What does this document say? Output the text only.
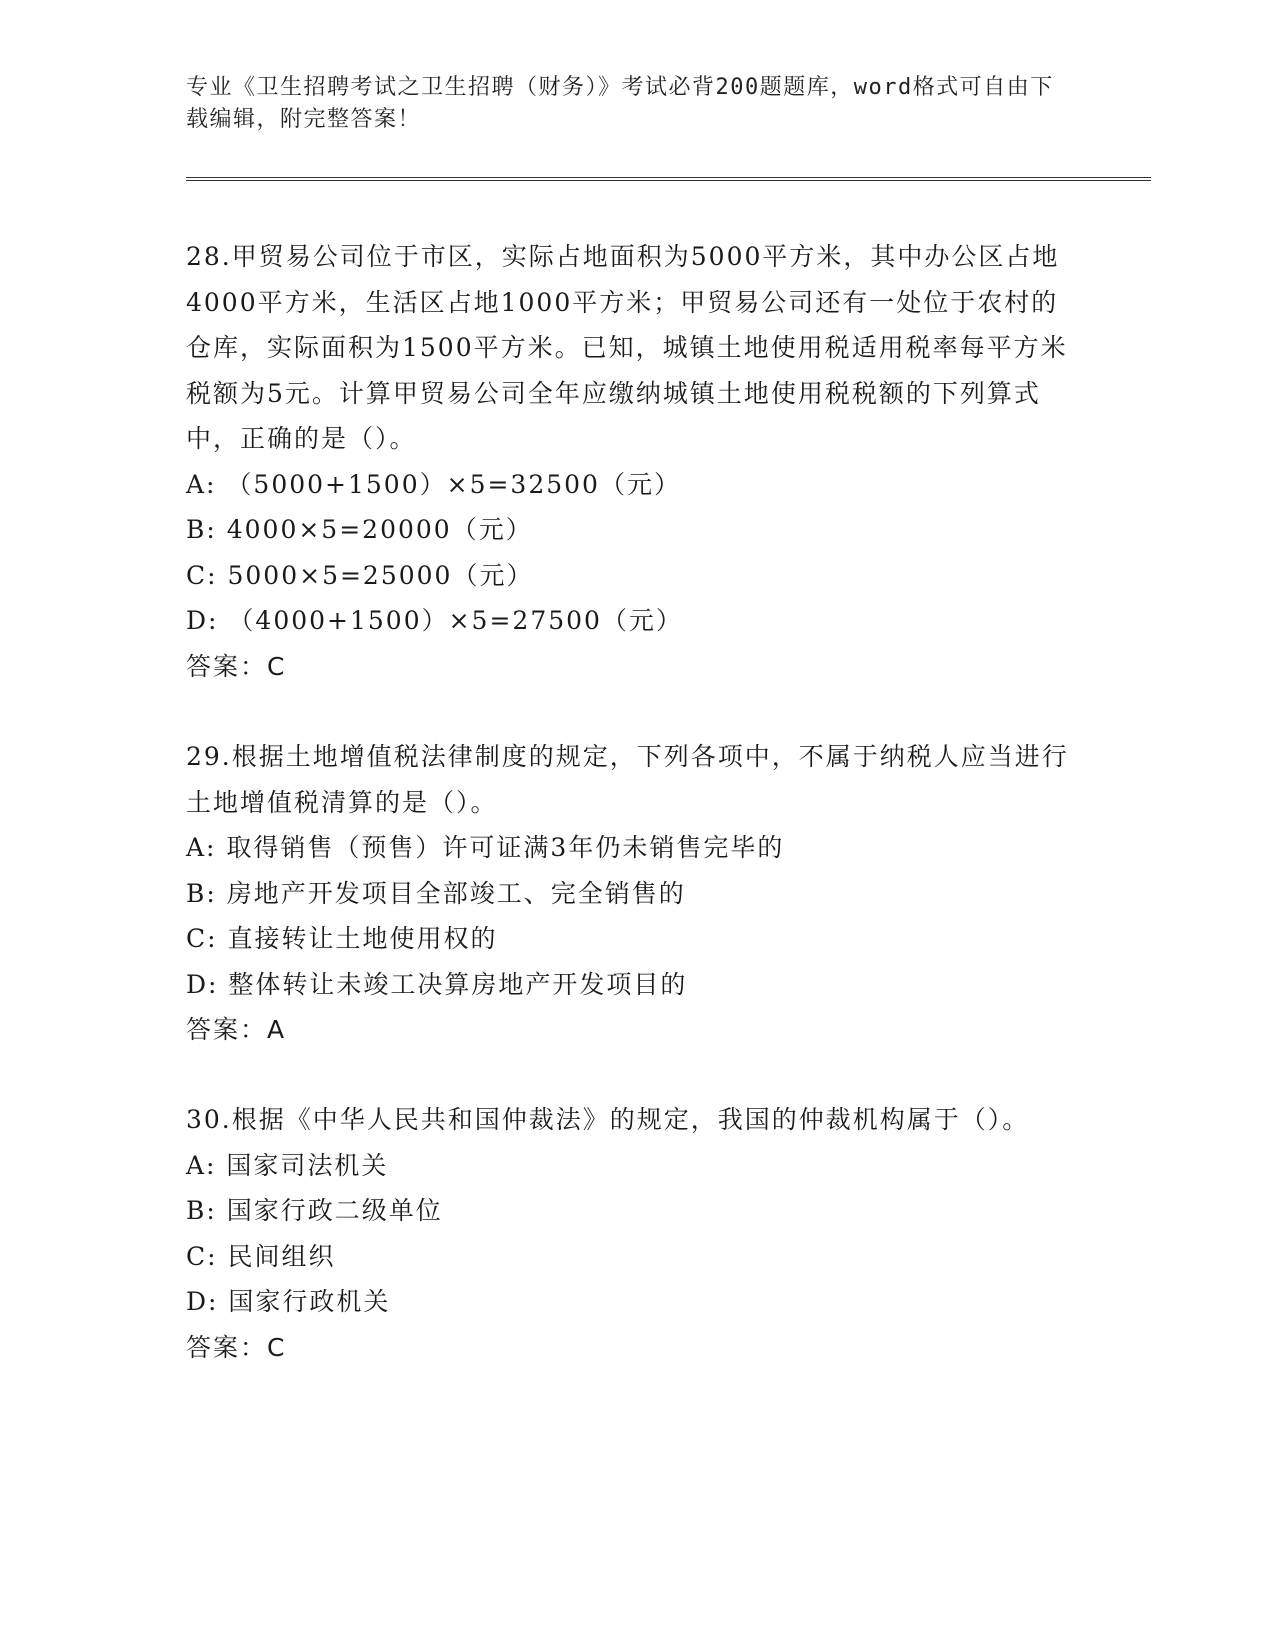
专业《卫生招聘考试之卫生招聘（财务）》考试必背200题题库，word格式可自由下载编辑，附完整答案！

28.甲贸易公司位于市区，实际占地面积为5000平方米，其中办公区占地4000平方米，生活区占地1000平方米；甲贸易公司还有一处位于农村的仓库，实际面积为1500平方米。已知，城镇土地使用税适用税率每平方米税额为5元。计算甲贸易公司全年应缴纳城镇土地使用税税额的下列算式中，正确的是（）。

A: （5000+1500）×5=32500（元）

B: 4000×5=20000（元）

C: 5000×5=25000（元）

D: （4000+1500）×5=27500（元）

答案：C

29.根据土地增值税法律制度的规定，下列各项中，不属于纳税人应当进行土地增值税清算的是（）。

A: 取得销售（预售）许可证满3年仍未销售完毕的

B: 房地产开发项目全部竣工、完全销售的

C: 直接转让土地使用权的

D: 整体转让未竣工决算房地产开发项目的

答案：A

30.根据《中华人民共和国仲裁法》的规定，我国的仲裁机构属于（）。

A: 国家司法机关

B: 国家行政二级单位

C: 民间组织

D: 国家行政机关

答案：C
